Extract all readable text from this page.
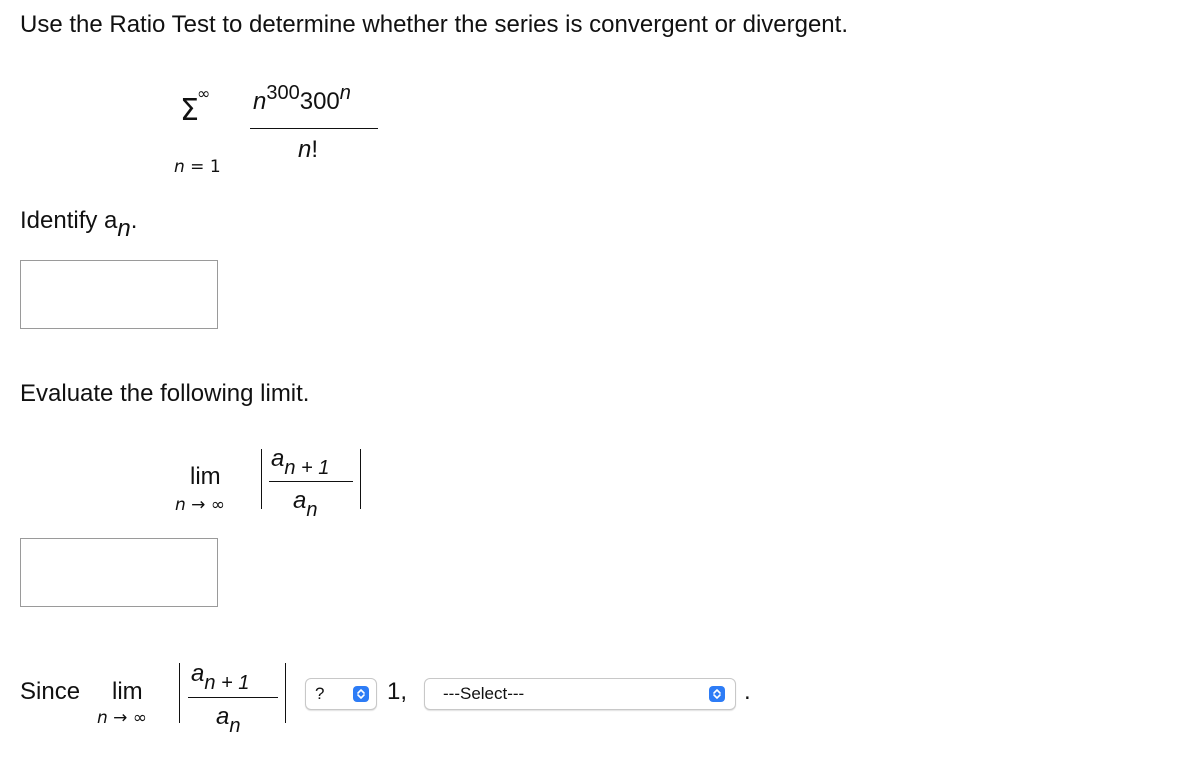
Use the Ratio Test to determine whether the series is convergent or divergent.
∞
Σ
n = 1
n300300n
n!
Identify an.
Evaluate the following limit.
lim
n → ∞
$a_{n + 1}$
$a_n$
Since lim
n → ∞
$a_{n + 1}$
$a_n$
?	1, ---Select---	.
